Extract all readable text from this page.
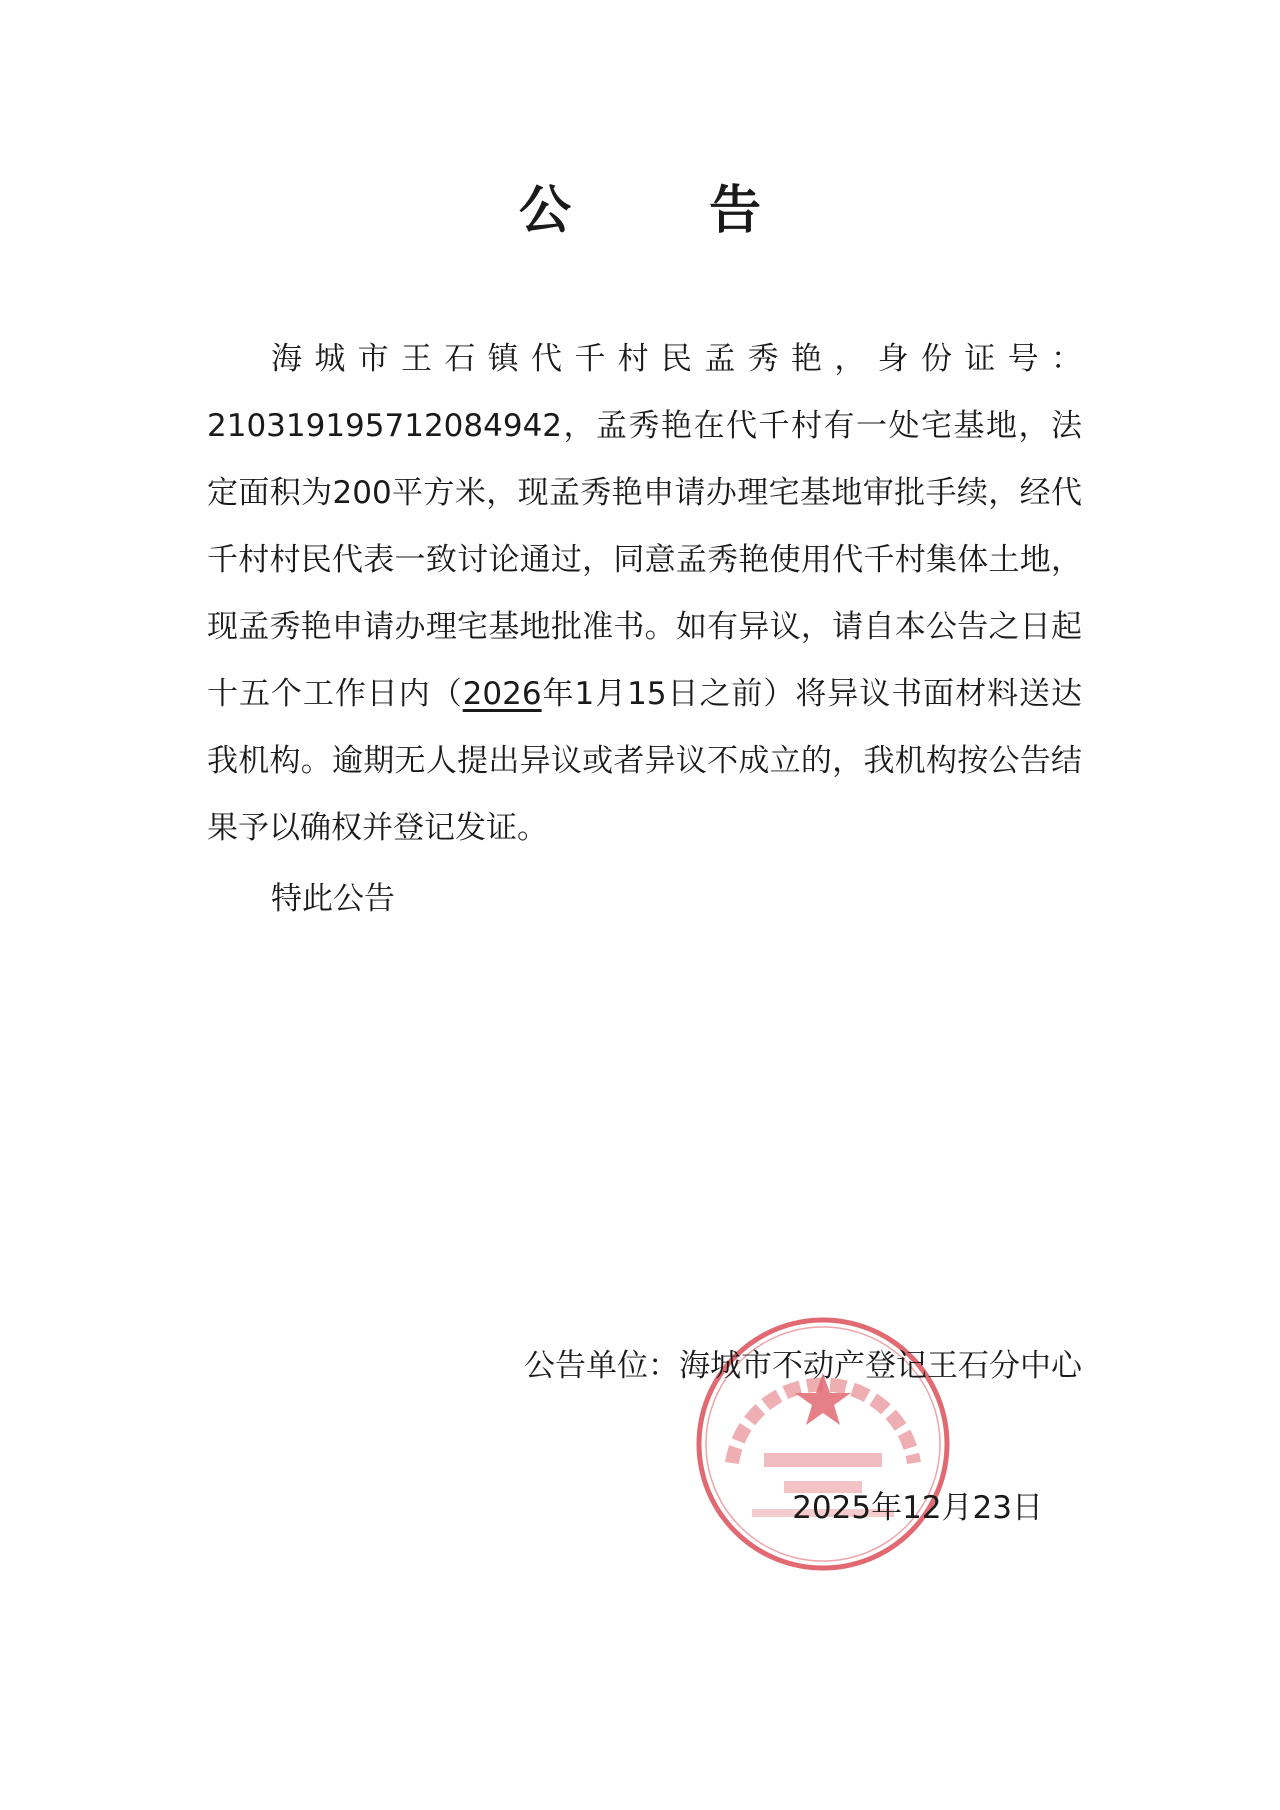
公 告
海城市王石镇代千村民孟秀艳，身份证号：210319195712084942，孟秀艳在代千村有一处宅基地，法定面积为200平方米，现孟秀艳申请办理宅基地审批手续，经代千村村民代表一致讨论通过，同意孟秀艳使用代千村集体土地，现孟秀艳申请办理宅基地批准书。如有异议，请自本公告之日起十五个工作日内（2026年1月15日之前）将异议书面材料送达我机构。逾期无人提出异议或者异议不成立的，我机构按公告结果予以确权并登记发证。
特此公告
公告单位：海城市不动产登记王石分中心
2025年12月23日
